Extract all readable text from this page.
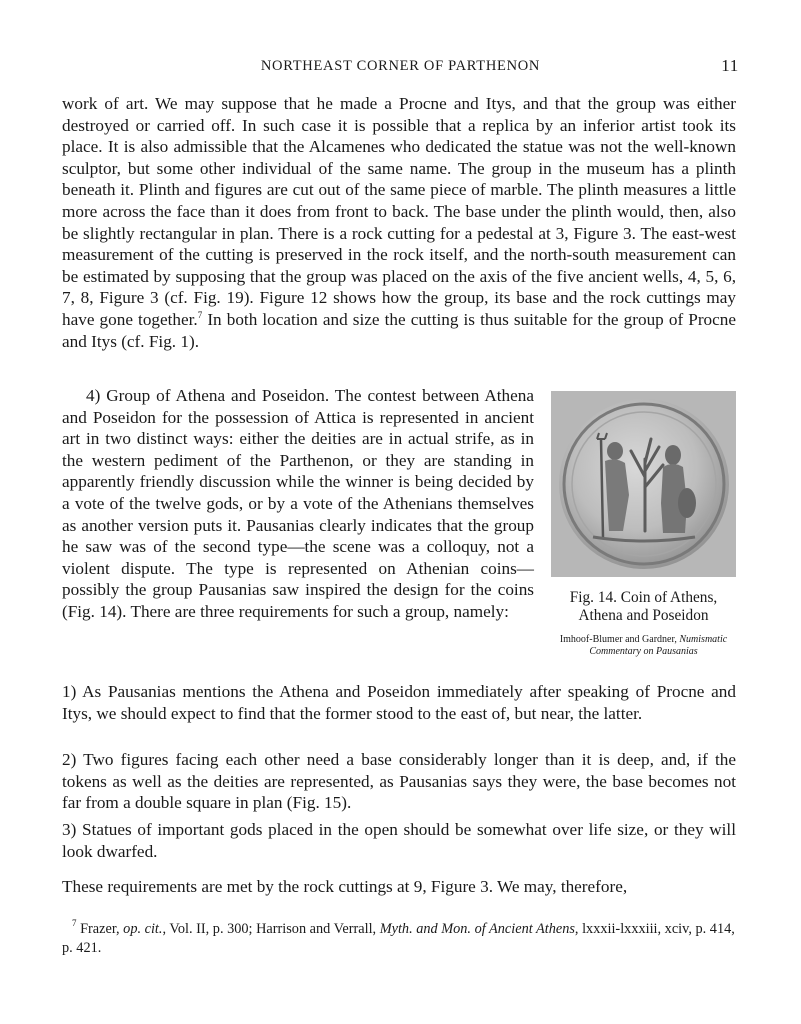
NORTHEAST CORNER OF PARTHENON	11

work of art. We may suppose that he made a Procne and Itys, and that the group was either destroyed or carried off. In such case it is possible that a replica by an inferior artist took its place. It is also admissible that the Alcamenes who dedicated the statue was not the well-known sculptor, but some other individual of the same name. The group in the museum has a plinth beneath it. Plinth and figures are cut out of the same piece of marble. The plinth measures a little more across the face than it does from front to back. The base under the plinth would, then, also be slightly rectangular in plan. There is a rock cutting for a pedestal at 3, Figure 3. The east-west measurement of the cutting is preserved in the rock itself, and the north-south measurement can be estimated by supposing that the group was placed on the axis of the five ancient wells, 4, 5, 6, 7, 8, Figure 3 (cf. Fig. 19). Figure 12 shows how the group, its base and the rock cuttings may have gone together.$^7$ In both location and size the cutting is thus suitable for the group of Procne and Itys (cf. Fig. 1).

4) Group of Athena and Poseidon. The contest between Athena and Poseidon for the possession of Attica is represented in ancient art in two distinct ways: either the deities are in actual strife, as in the western pediment of the Parthenon, or they are standing in apparently friendly discussion while the winner is being decided by a vote of the twelve gods, or by a vote of the Athenians themselves as another version puts it. Pausanias clearly indicates that the group he saw was of the second type—the scene was a colloquy, not a violent dispute. The type is represented on Athenian coins—possibly the group Pausanias saw inspired the design for the coins (Fig. 14). There are three requirements for such a group, namely:

Fig. 14. Coin of Athens,
Athena and Poseidon
Imhoof-Blumer and Gardner, Numismatic Commentary on Pausanias

1) As Pausanias mentions the Athena and Poseidon immediately after speaking of Procne and Itys, we should expect to find that the former stood to the east of, but near, the latter.

2) Two figures facing each other need a base considerably longer than it is deep, and, if the tokens as well as the deities are represented, as Pausanias says they were, the base becomes not far from a double square in plan (Fig. 15).

3) Statues of important gods placed in the open should be somewhat over life size, or they will look dwarfed.

These requirements are met by the rock cuttings at 9, Figure 3. We may, therefore,

$^7$ Frazer, op. cit., Vol. II, p. 300; Harrison and Verrall, Myth. and Mon. of Ancient Athens, lxxxii-lxxxiii, xciv, p. 414, p. 421.
